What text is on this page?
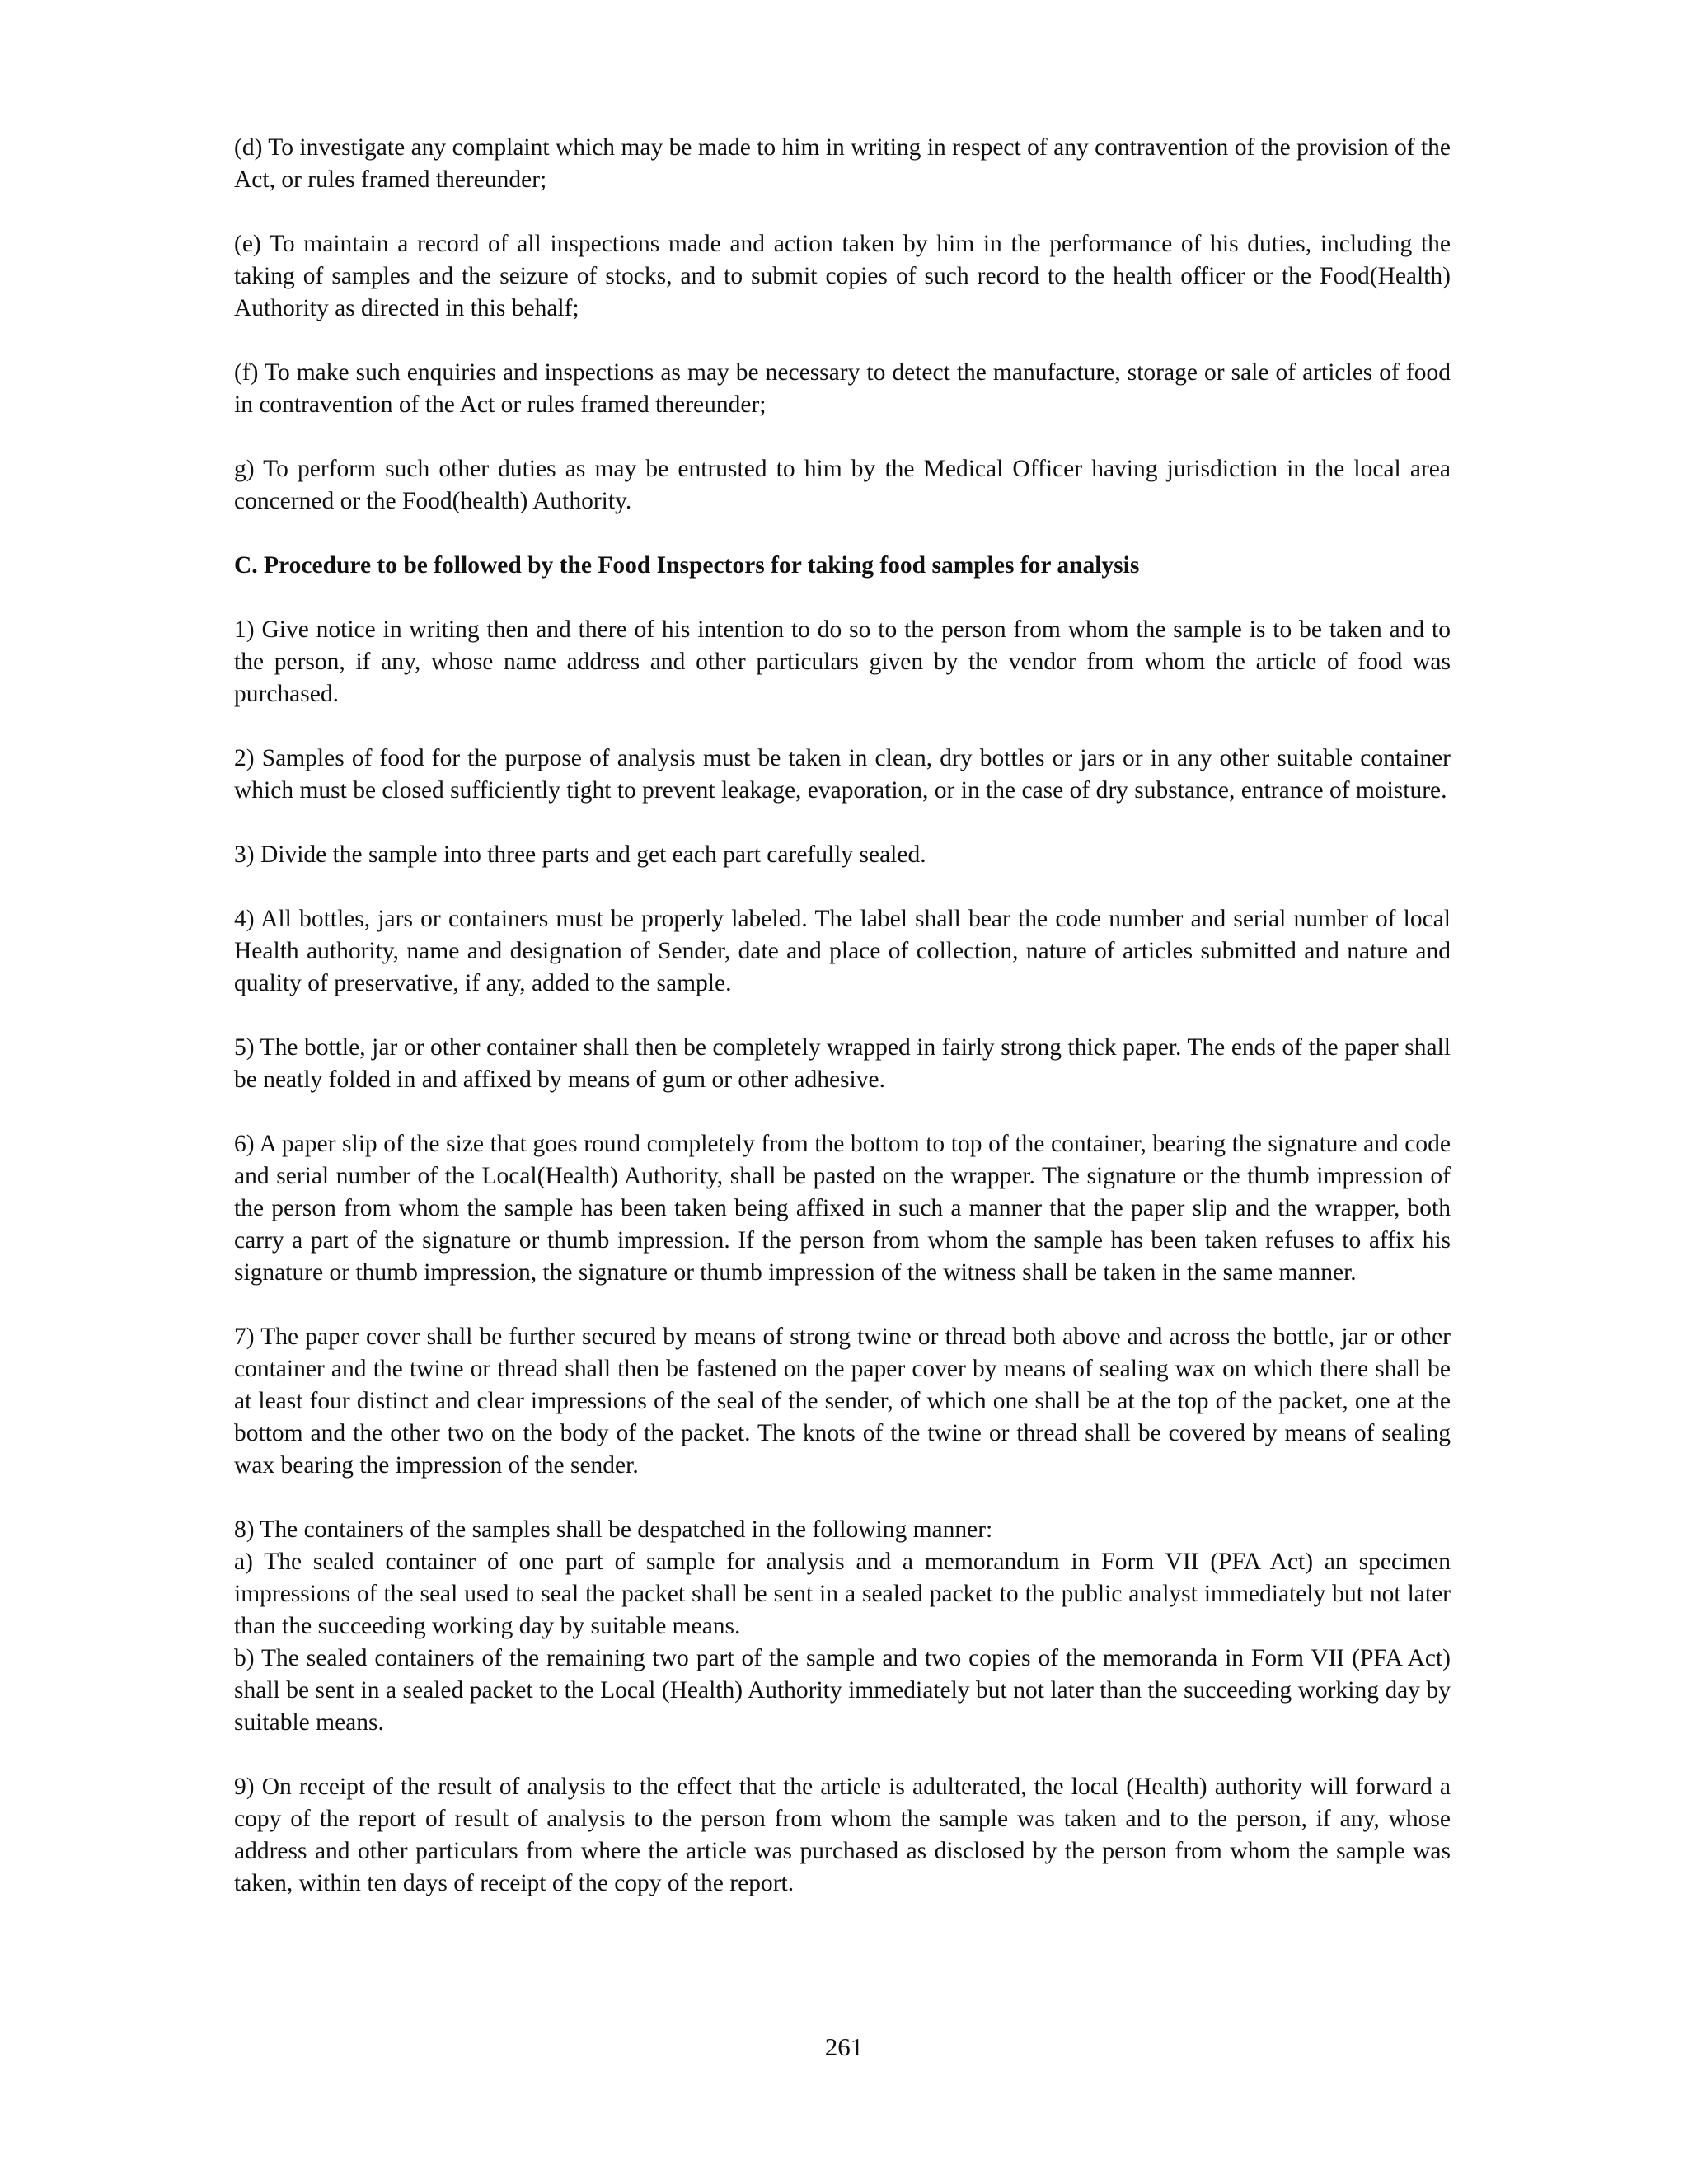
(d) To investigate any complaint which may be made to him in writing in respect of any contravention of the provision of the Act, or rules framed thereunder;

(e) To maintain a record of all inspections made and action taken by him in the performance of his duties, including the taking of samples and the seizure of stocks, and to submit copies of such record to the health officer or the Food(Health) Authority as directed in this behalf;

(f) To make such enquiries and inspections as may be necessary to detect the manufacture, storage or sale of articles of food in contravention of the Act or rules framed thereunder;

g) To perform such other duties as may be entrusted to him by the Medical Officer having jurisdiction in the local area concerned or the Food(health) Authority.

C. Procedure to be followed by the Food Inspectors for taking food samples for analysis

1) Give notice in writing then and there of his intention to do so to the person from whom the sample is to be taken and to the person, if any, whose name address and other particulars given by the vendor from whom the article of food was purchased.

2) Samples of food for the purpose of analysis must be taken in clean, dry bottles or jars or in any other suitable container which must be closed sufficiently tight to prevent leakage, evaporation, or in the case of dry substance, entrance of moisture.

3) Divide the sample into three parts and get each part carefully sealed.

4) All bottles, jars or containers must be properly labeled. The label shall bear the code number and serial number of local Health authority, name and designation of Sender, date and place of collection, nature of articles submitted and nature and quality of preservative, if any, added to the sample.

5) The bottle, jar or other container shall then be completely wrapped in fairly strong thick paper. The ends of the paper shall be neatly folded in and affixed by means of gum or other adhesive.

6) A paper slip of the size that goes round completely from the bottom to top of the container, bearing the signature and code and serial number of the Local(Health) Authority, shall be pasted on the wrapper. The signature or the thumb impression of the person from whom the sample has been taken being affixed in such a manner that the paper slip and the wrapper, both carry a part of the signature or thumb impression. If the person from whom the sample has been taken refuses to affix his signature or thumb impression, the signature or thumb impression of the witness shall be taken in the same manner.

7) The paper cover shall be further secured by means of strong twine or thread both above and across the bottle, jar or other container and the twine or thread shall then be fastened on the paper cover by means of sealing wax on which there shall be at least four distinct and clear impressions of the seal of the sender, of which one shall be at the top of the packet, one at the bottom and the other two on the body of the packet. The knots of the twine or thread shall be covered by means of sealing wax bearing the impression of the sender.

8) The containers of the samples shall be despatched in the following manner:

a) The sealed container of one part of sample for analysis and a memorandum in Form VII (PFA Act) an specimen impressions of the seal used to seal the packet shall be sent in a sealed packet to the public analyst immediately but not later than the succeeding working day by suitable means.

b) The sealed containers of the remaining two part of the sample and two copies of the memoranda in Form VII (PFA Act) shall be sent in a sealed packet to the Local (Health) Authority immediately but not later than the succeeding working day by suitable means.

9) On receipt of the result of analysis to the effect that the article is adulterated, the local (Health) authority will forward a copy of the report of result of analysis to the person from whom the sample was taken and to the person, if any, whose address and other particulars from where the article was purchased as disclosed by the person from whom the sample was taken, within ten days of receipt of the copy of the report.

261
